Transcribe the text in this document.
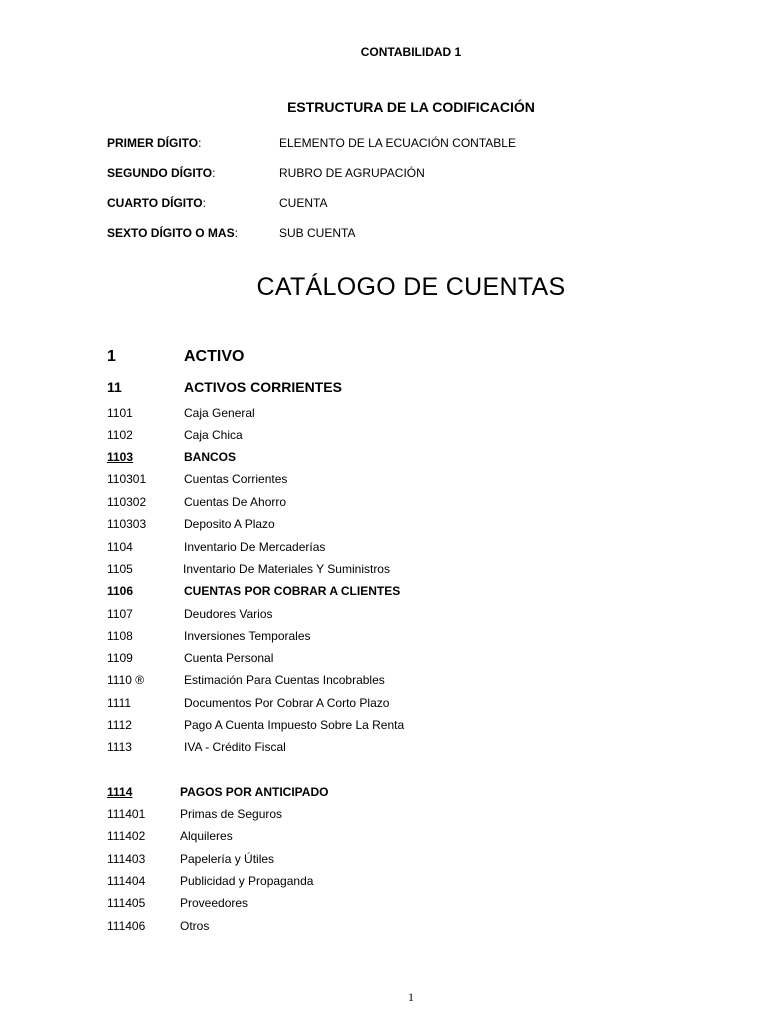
CONTABILIDAD 1
ESTRUCTURA DE LA CODIFICACIÓN
PRIMER DÍGITO:	ELEMENTO DE LA ECUACIÓN CONTABLE
SEGUNDO DÍGITO:	RUBRO DE AGRUPACIÓN
CUARTO DÍGITO:	CUENTA
SEXTO DÍGITO O MAS:	SUB CUENTA
CATÁLOGO DE CUENTAS
1	ACTIVO
11	ACTIVOS CORRIENTES
1101	Caja General
1102	Caja Chica
1103	BANCOS
110301	Cuentas Corrientes
110302	Cuentas De Ahorro
110303	Deposito A Plazo
1104	Inventario De Mercaderías
1105	Inventario De Materiales Y Suministros
1106	CUENTAS POR COBRAR A CLIENTES
1107	Deudores Varios
1108	Inversiones Temporales
1109	Cuenta Personal
1110 ®	Estimación Para Cuentas Incobrables
1111	Documentos Por Cobrar A Corto Plazo
1112	Pago A Cuenta Impuesto Sobre La Renta
1113	IVA - Crédito Fiscal
1114	PAGOS POR ANTICIPADO
111401	Primas de Seguros
111402	Alquileres
111403	Papelería y Útiles
111404	Publicidad y Propaganda
111405	Proveedores
111406	Otros
1
